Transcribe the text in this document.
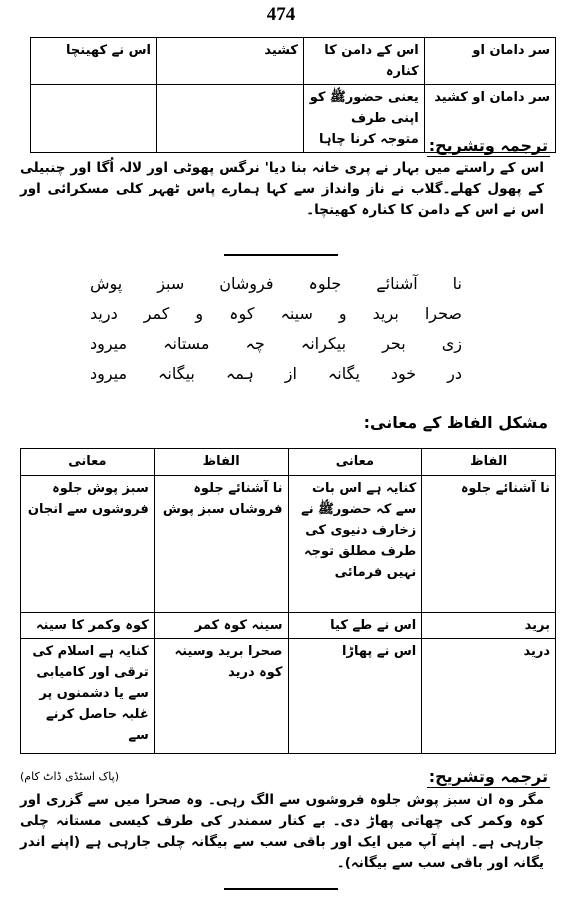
474
سر دامان او	اس کے دامن کا کنارہ	کشید	اس نے کھینچا
سر دامان او کشید	یعنی حضورﷺ کو اپنی طرف متوجہ کرنا چاہا		ترجمہ وتشریح:
اس کے راستے میں بہار نے پری خانہ بنا دیا' نرگس پھوٹی اور لالہ اُگا اور چنبیلی کے پھول کھلے۔گلاب نے ناز وانداز سے کہا ہمارے پاس ٹھہر کلی مسکرائی اور اس نے اس کے دامن کا کنارہ کھینچا۔
نا آشنائے جلوہ فروشان سبز پوش
صحرا برید و سینہ کوہ و کمر درید
زی بحر بیکرانہ چہ مستانہ میرود
در خود یگانہ از ہمہ بیگانہ میرود
مشکل الفاظ کے معانی:
الفاظ	معانی	الفاظ	معانی
نا آشنائے جلوہ	کنایہ ہے اس بات سے کہ حضورﷺ نے زخارف دنیوی کی طرف مطلق توجہ نہیں فرمائی	نا آشنائے جلوہ فروشاں سبز پوش	سبز پوش جلوہ فروشوں سے انجان
برید	اس نے طے کیا	سینہ کوہ کمر	کوہ وکمر کا سینہ
درید	اس نے پھاڑا	صحرا برید وسینہ کوہ درید	کنایہ ہے اسلام کی ترقی اور کامیابی سے یا دشمنوں پر غلبہ حاصل کرنے سے
ترجمہ وتشریح:
(پاک اسٹڈی ڈاٹ کام)
مگر وہ ان سبز پوش جلوہ فروشوں سے الگ رہی۔ وہ صحرا میں سے گزری اور کوہ وکمر کی چھاتی پھاڑ دی۔ بے کنار سمندر کی طرف کیسی مستانہ چلی جارہی ہے۔ اپنے آپ میں ایک اور باقی سب سے بیگانہ چلی جارہی ہے (اپنے اندر یگانہ اور باقی سب سے بیگانہ)۔
